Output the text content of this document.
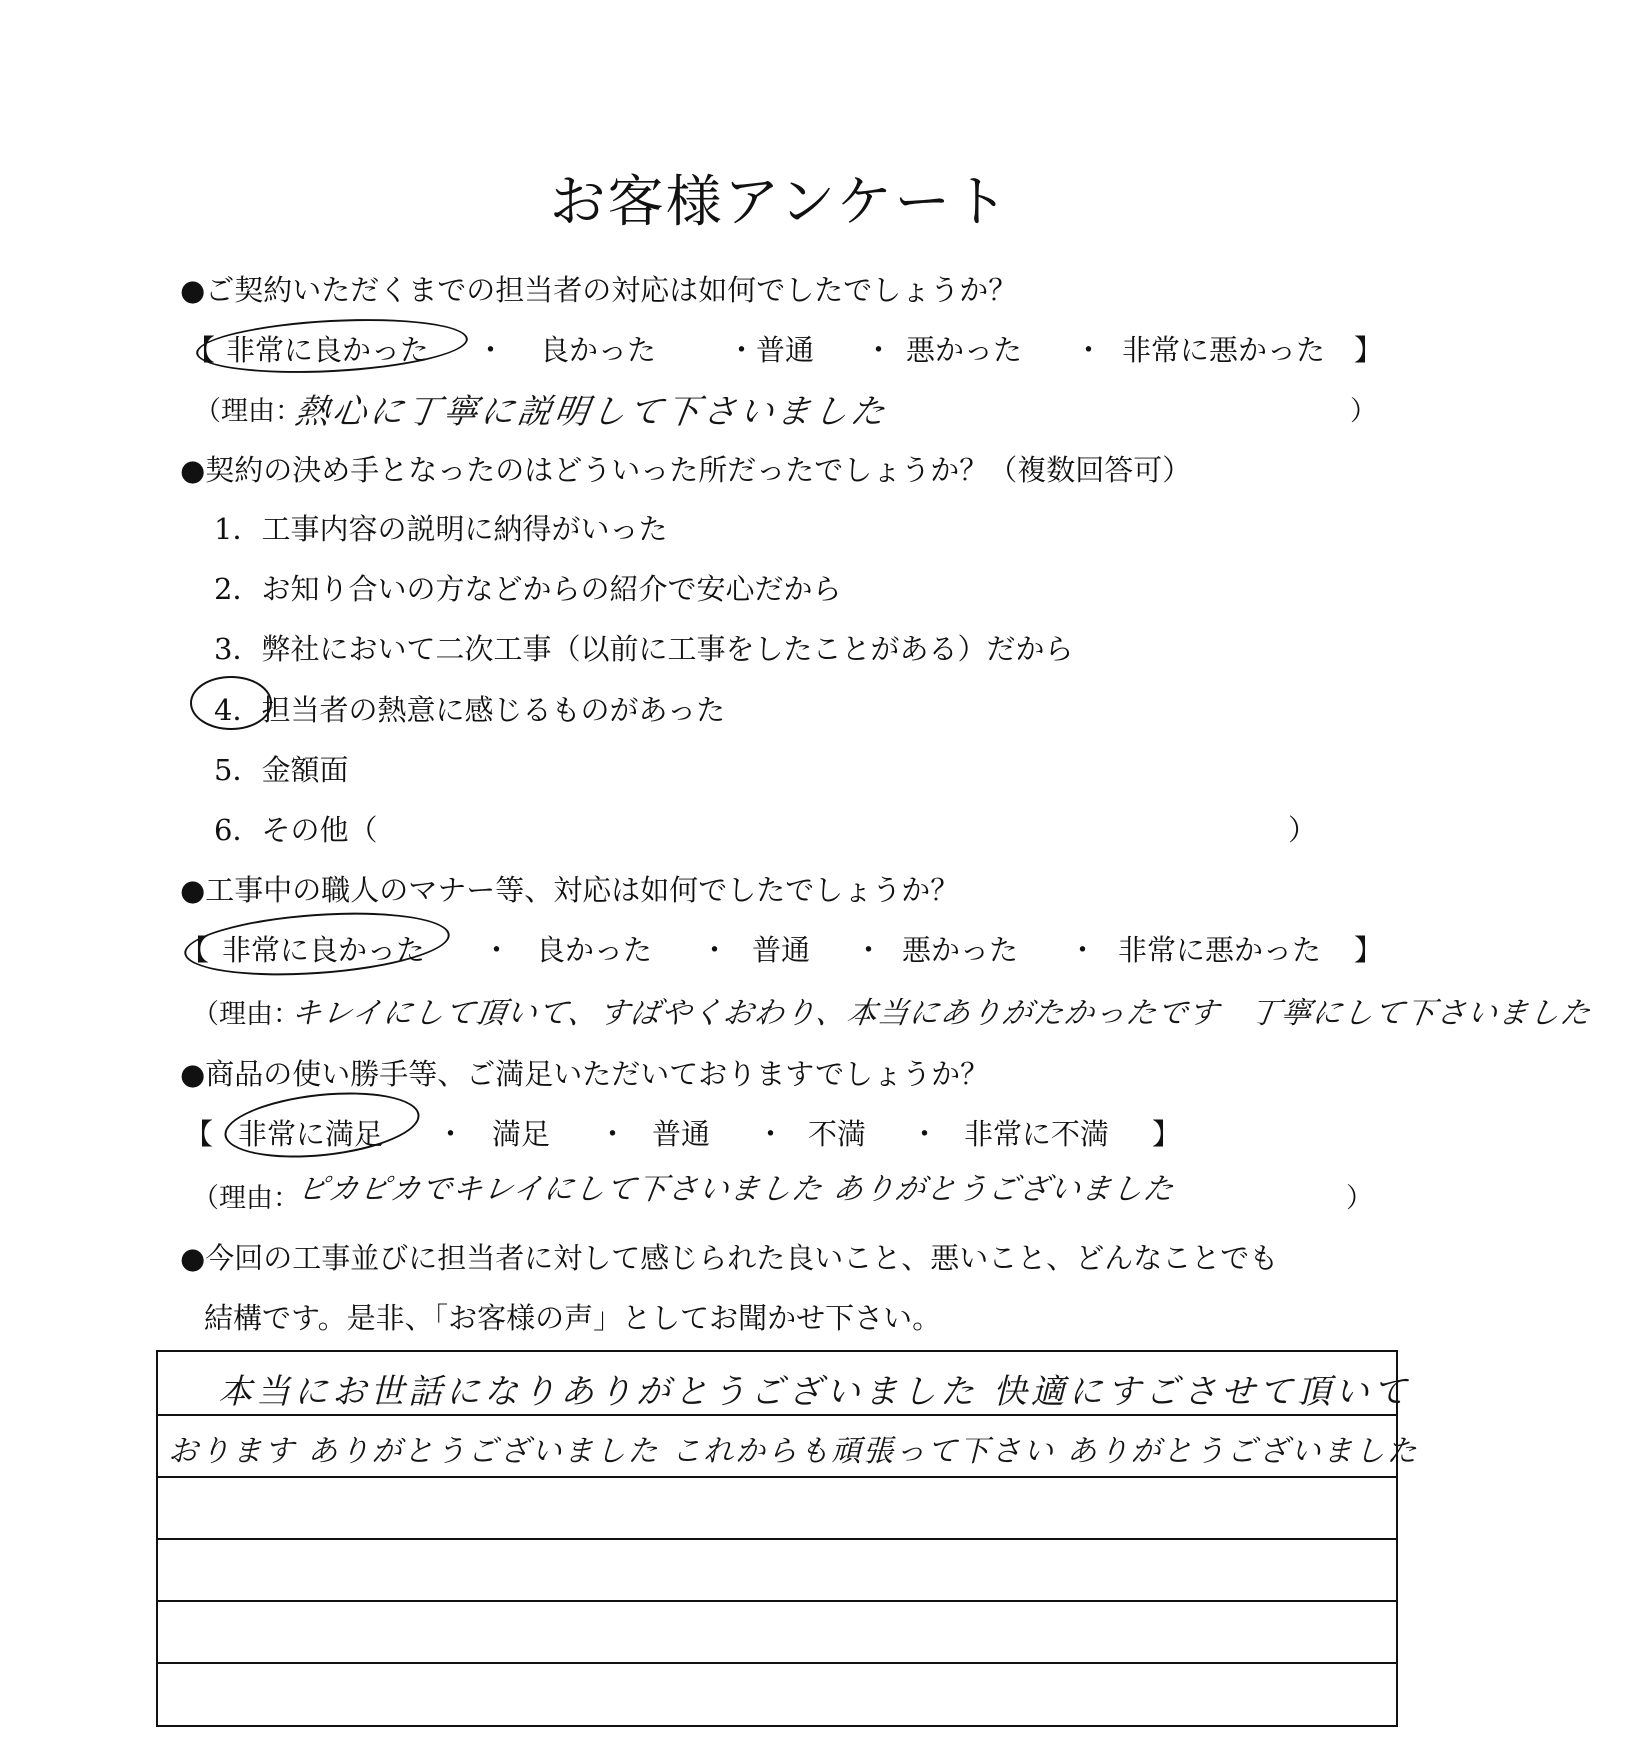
お客様アンケート
●ご契約いただくまでの担当者の対応は如何でしたでしょうか？
【 非常に良かった ・ 良かった ・ 普通 ・ 悪かった ・ 非常に悪かった 】
（理由：
熱心に丁寧に説明して下さいました	）
●契約の決め手となったのはどういった所だったでしょうか？（複数回答可）
1．工事内容の説明に納得がいった
2．お知り合いの方などからの紹介で安心だから
3．弊社において二次工事（以前に工事をしたことがある）だから
4．担当者の熱意に感じるものがあった
5．金額面
6．その他（	）
●工事中の職人のマナー等、対応は如何でしたでしょうか？
【 非常に良かった ・ 良かった ・ 普通 ・ 悪かった ・ 非常に悪かった 】
（理由：
キレイにして頂いて、すばやくおわり、本当にありがたかったです　丁寧にして下さいました
●商品の使い勝手等、ご満足いただいておりますでしょうか？
【 非常に満足 ・ 満足 ・ 普通 ・ 不満 ・ 非常に不満 】
（理由：
ピカピカでキレイにして下さいました ありがとうございました	）
●今回の工事並びに担当者に対して感じられた良いこと、悪いこと、どんなことでも
結構です。是非、「お客様の声」としてお聞かせ下さい。
本当にお世話になりありがとうございました 快適にすごさせて頂いて
おります ありがとうございました これからも頑張って下さい ありがとうございました
